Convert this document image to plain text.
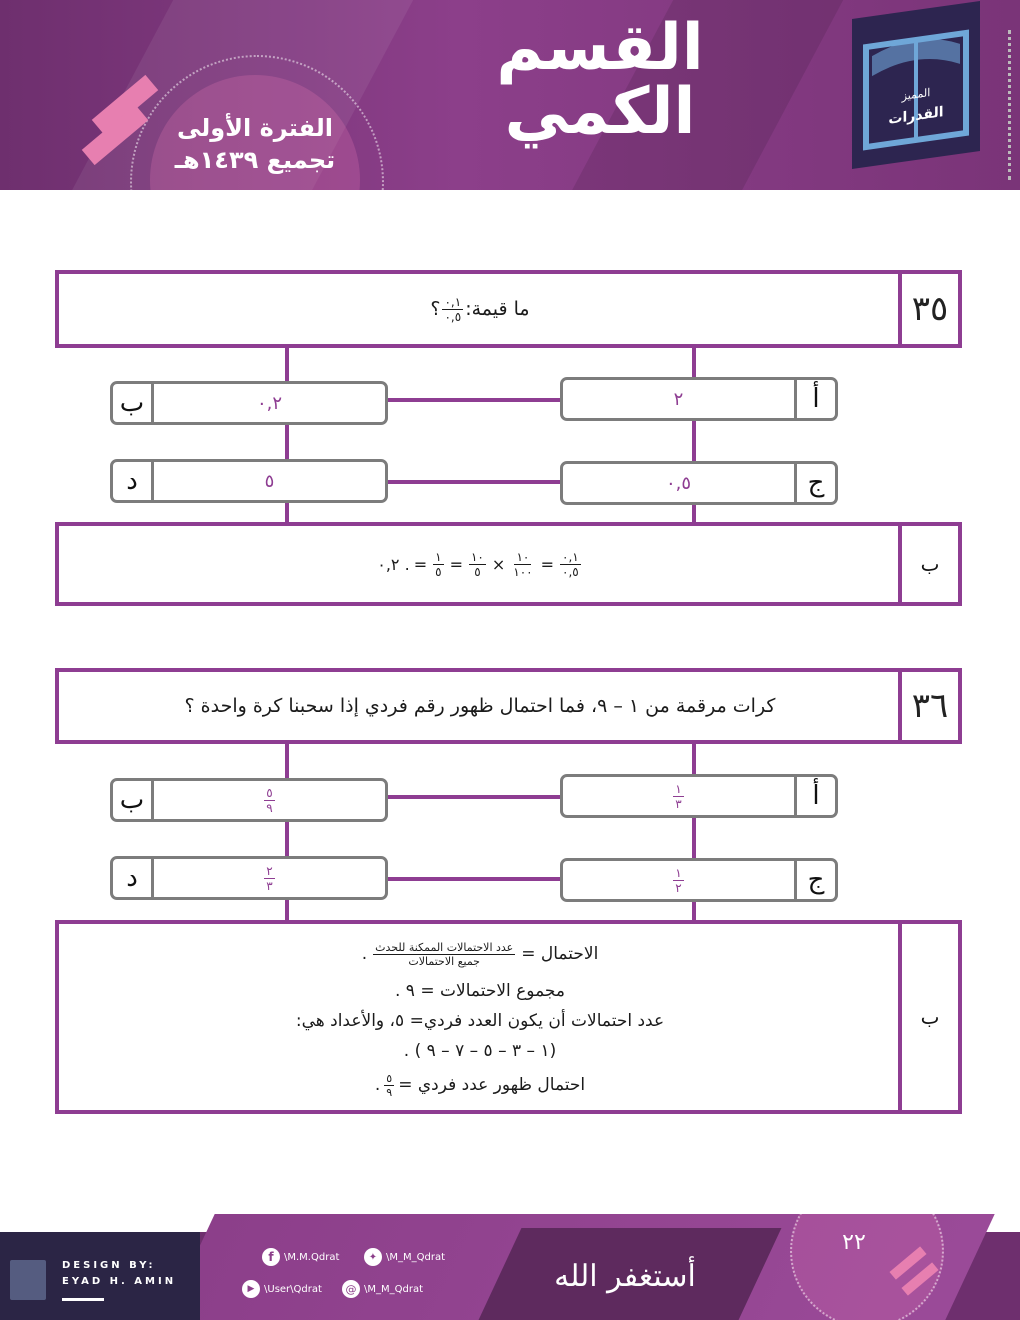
القسم
الكمي
الفترة الأولى
تجميع ١٤٣٩هـ
المميز
القدرات
ما قيمة:
$\frac{٠,١}{٠,٥}$
؟	٣٥
٢	أ
ب	٠,٢
٠,٥	ج
د	٥
٠,٢ . = $\frac{١}{٥} = \frac{١٠}{٥} \times \frac{١٠}{١٠٠} = \frac{٠,١}{٠,٥}$	ب
كرات مرقمة من ١ – ٩، فما احتمال ظهور رقم فردي إذا سحبنا كرة واحدة ؟	٣٦
$\frac{١}{٣}$	أ
ب	$\frac{٥}{٩}$
$\frac{١}{٢}$	ج
د	$\frac{٢}{٣}$
الاحتمال =
$\frac{\text{عدد الاحتمالات الممكنة للحدث}}{\text{جميع الاحتمالات}}$
.
مجموع الاحتمالات = ٩ .
عدد احتمالات أن يكون العدد فردي= ٥، والأعداد هي:
(١ – ٣ – ٥ – ٧ – ٩ ) .
احتمال ظهور عدد فردي =
$\frac{٥}{٩}$
.
ب
DESIGN BY:
EYAD H. AMIN
f	\M.M.Qdrat	✦ \M_M_Qdrat
▶ \User\Qdrat	@ \M_M_Qdrat	أستغفر الله
٢٢
